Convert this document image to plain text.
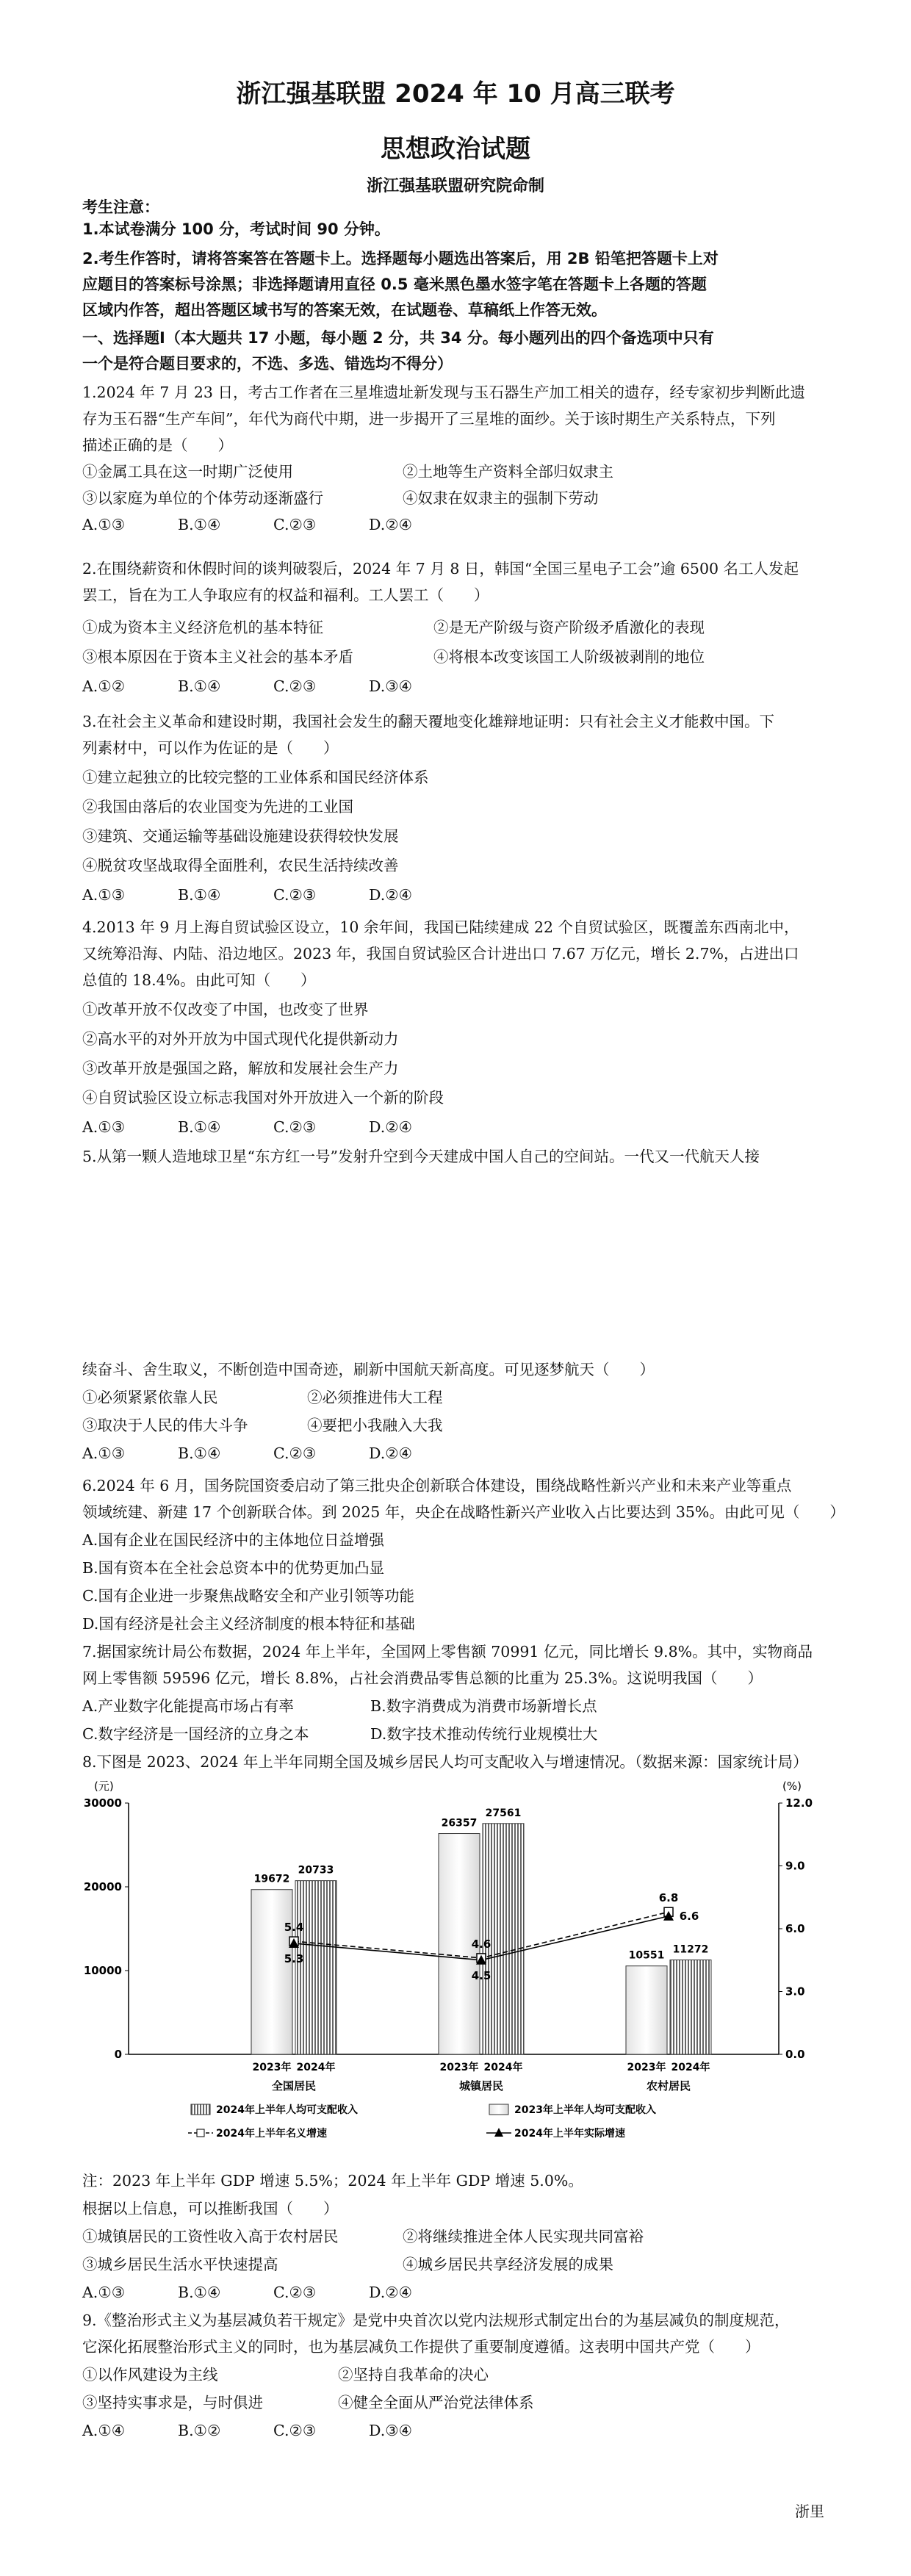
浙江强基联盟 2024 年 10 月高三联考
思想政治试题
浙江强基联盟研究院命制
考生注意：
1.本试卷满分 100 分，考试时间 90 分钟。
2.考生作答时，请将答案答在答题卡上。选择题每小题选出答案后，用 2B 铅笔把答题卡上对
应题目的答案标号涂黑；非选择题请用直径 0.5 毫米黑色墨水签字笔在答题卡上各题的答题
区域内作答，超出答题区域书写的答案无效，在试题卷、草稿纸上作答无效。
一、选择题Ⅰ（本大题共 17 小题，每小题 2 分，共 34 分。每小题列出的四个备选项中只有
一个是符合题目要求的，不选、多选、错选均不得分）
1.2024 年 7 月 23 日，考古工作者在三星堆遗址新发现与玉石器生产加工相关的遗存，经专家初步判断此遗
存为玉石器“生产车间”，年代为商代中期，进一步揭开了三星堆的面纱。关于该时期生产关系特点，下列
描述正确的是（　　）
①金属工具在这一时期广泛使用	②土地等生产资料全部归奴隶主
③以家庭为单位的个体劳动逐渐盛行	④奴隶在奴隶主的强制下劳动
A.①③	B.①④	C.②③	D.②④
2.在围绕薪资和休假时间的谈判破裂后，2024 年 7 月 8 日，韩国“全国三星电子工会”逾 6500 名工人发起
罢工，旨在为工人争取应有的权益和福利。工人罢工（　　）
①成为资本主义经济危机的基本特征	②是无产阶级与资产阶级矛盾激化的表现
③根本原因在于资本主义社会的基本矛盾	④将根本改变该国工人阶级被剥削的地位
A.①②	B.①④	C.②③	D.③④
3.在社会主义革命和建设时期，我国社会发生的翻天覆地变化雄辩地证明：只有社会主义才能救中国。下
列素材中，可以作为佐证的是（　　）
①建立起独立的比较完整的工业体系和国民经济体系
②我国由落后的农业国变为先进的工业国
③建筑、交通运输等基础设施建设获得较快发展
④脱贫攻坚战取得全面胜利，农民生活持续改善
A.①③	B.①④	C.②③	D.②④
4.2013 年 9 月上海自贸试验区设立，10 余年间，我国已陆续建成 22 个自贸试验区，既覆盖东西南北中，
又统筹沿海、内陆、沿边地区。2023 年，我国自贸试验区合计进出口 7.67 万亿元，增长 2.7%，占进出口
总值的 18.4%。由此可知（　　）
①改革开放不仅改变了中国，也改变了世界
②高水平的对外开放为中国式现代化提供新动力
③改革开放是强国之路，解放和发展社会生产力
④自贸试验区设立标志我国对外开放进入一个新的阶段
A.①③	B.①④	C.②③	D.②④
5.从第一颗人造地球卫星“东方红一号”发射升空到今天建成中国人自己的空间站。一代又一代航天人接
续奋斗、舍生取义，不断创造中国奇迹，刷新中国航天新高度。可见逐梦航天（　　）
①必须紧紧依靠人民	②必须推进伟大工程
③取决于人民的伟大斗争	④要把小我融入大我
A.①③	B.①④	C.②③	D.②④
6.2024 年 6 月，国务院国资委启动了第三批央企创新联合体建设，围绕战略性新兴产业和未来产业等重点
领域统建、新建 17 个创新联合体。到 2025 年，央企在战略性新兴产业收入占比要达到 35%。由此可见（　　）
A.国有企业在国民经济中的主体地位日益增强
B.国有资本在全社会总资本中的优势更加凸显
C.国有企业进一步聚焦战略安全和产业引领等功能
D.国有经济是社会主义经济制度的根本特征和基础
7.据国家统计局公布数据，2024 年上半年，全国网上零售额 70991 亿元，同比增长 9.8%。其中，实物商品
网上零售额 59596 亿元，增长 8.8%，占社会消费品零售总额的比重为 25.3%。这说明我国（　　）
A.产业数字化能提高市场占有率	B.数字消费成为消费市场新增长点
C.数字经济是一国经济的立身之本	D.数字技术推动传统行业规模壮大
8.下图是 2023、2024 年上半年同期全国及城乡居民人均可支配收入与增速情况。（数据来源：国家统计局）
(元)	(%)
30000
20000
10000
0
12.0
9.0
6.0
3.0
0.0
19672
20733
26357
27561
10551
11272
5.4
4.6
6.8
5.3
4.5
6.6
2023年 2024年
全国居民
2023年 2024年
城镇居民
2023年 2024年
农村居民
2024年上半年人均可支配收入	2023年上半年人均可支配收入
2024年上半年名义增速	2024年上半年实际增速
注：2023 年上半年 GDP 增速 5.5%；2024 年上半年 GDP 增速 5.0%。
根据以上信息，可以推断我国（　　）
①城镇居民的工资性收入高于农村居民	②将继续推进全体人民实现共同富裕
③城乡居民生活水平快速提高	④城乡居民共享经济发展的成果
A.①③	B.①④	C.②③	D.②④
9.《整治形式主义为基层减负若干规定》是党中央首次以党内法规形式制定出台的为基层减负的制度规范，
它深化拓展整治形式主义的同时，也为基层减负工作提供了重要制度遵循。这表明中国共产党（　　）
①以作风建设为主线	②坚持自我革命的决心
③坚持实事求是，与时俱进	④健全全面从严治党法律体系
A.①④	B.①②	C.②③	D.③④
浙里
